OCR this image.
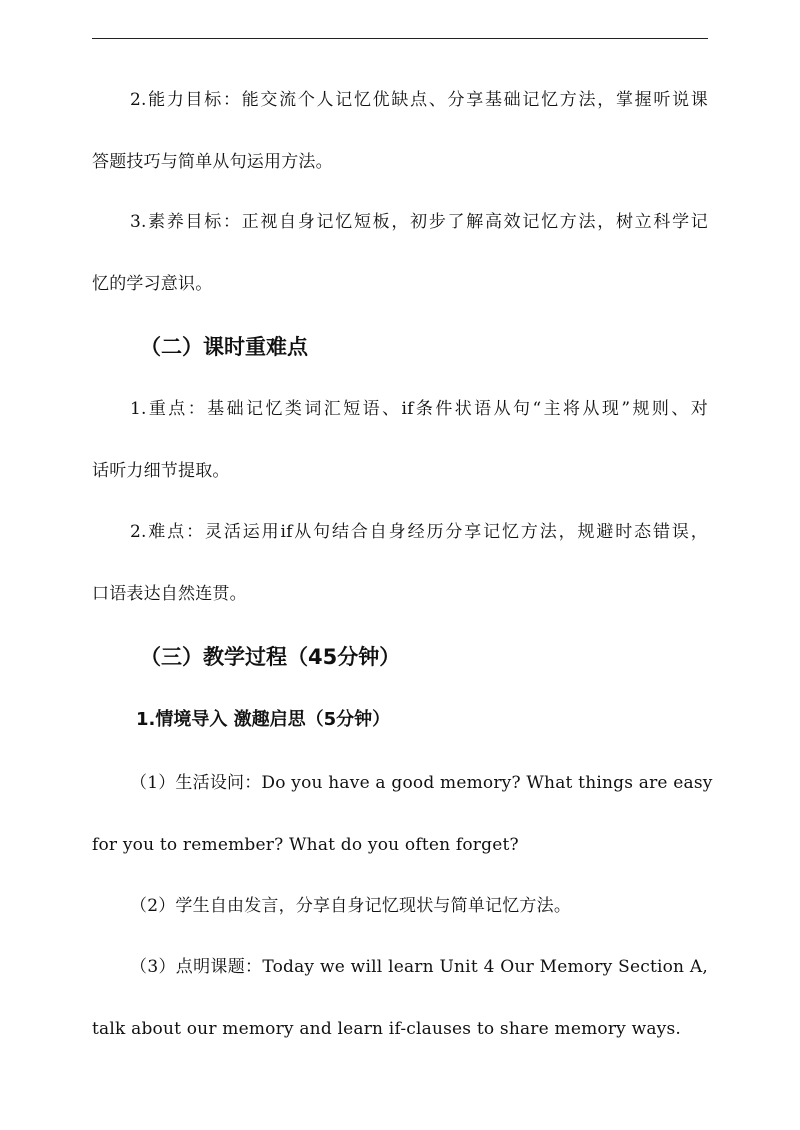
2.能力目标：能交流个人记忆优缺点、分享基础记忆方法，掌握听说课
答题技巧与简单从句运用方法。
3.素养目标：正视自身记忆短板，初步了解高效记忆方法，树立科学记
忆的学习意识。
（二）课时重难点
1.重点：基础记忆类词汇短语、if条件状语从句“主将从现”规则、对
话听力细节提取。
2.难点：灵活运用if从句结合自身经历分享记忆方法，规避时态错误，
口语表达自然连贯。
（三）教学过程（45分钟）
1.情境导入 激趣启思（5分钟）
（1）生活设问：Do you have a good memory? What things are easy
for you to remember? What do you often forget?
（2）学生自由发言，分享自身记忆现状与简单记忆方法。
（3）点明课题：Today we will learn Unit 4 Our Memory Section A,
talk about our memory and learn if-clauses to share memory ways.
